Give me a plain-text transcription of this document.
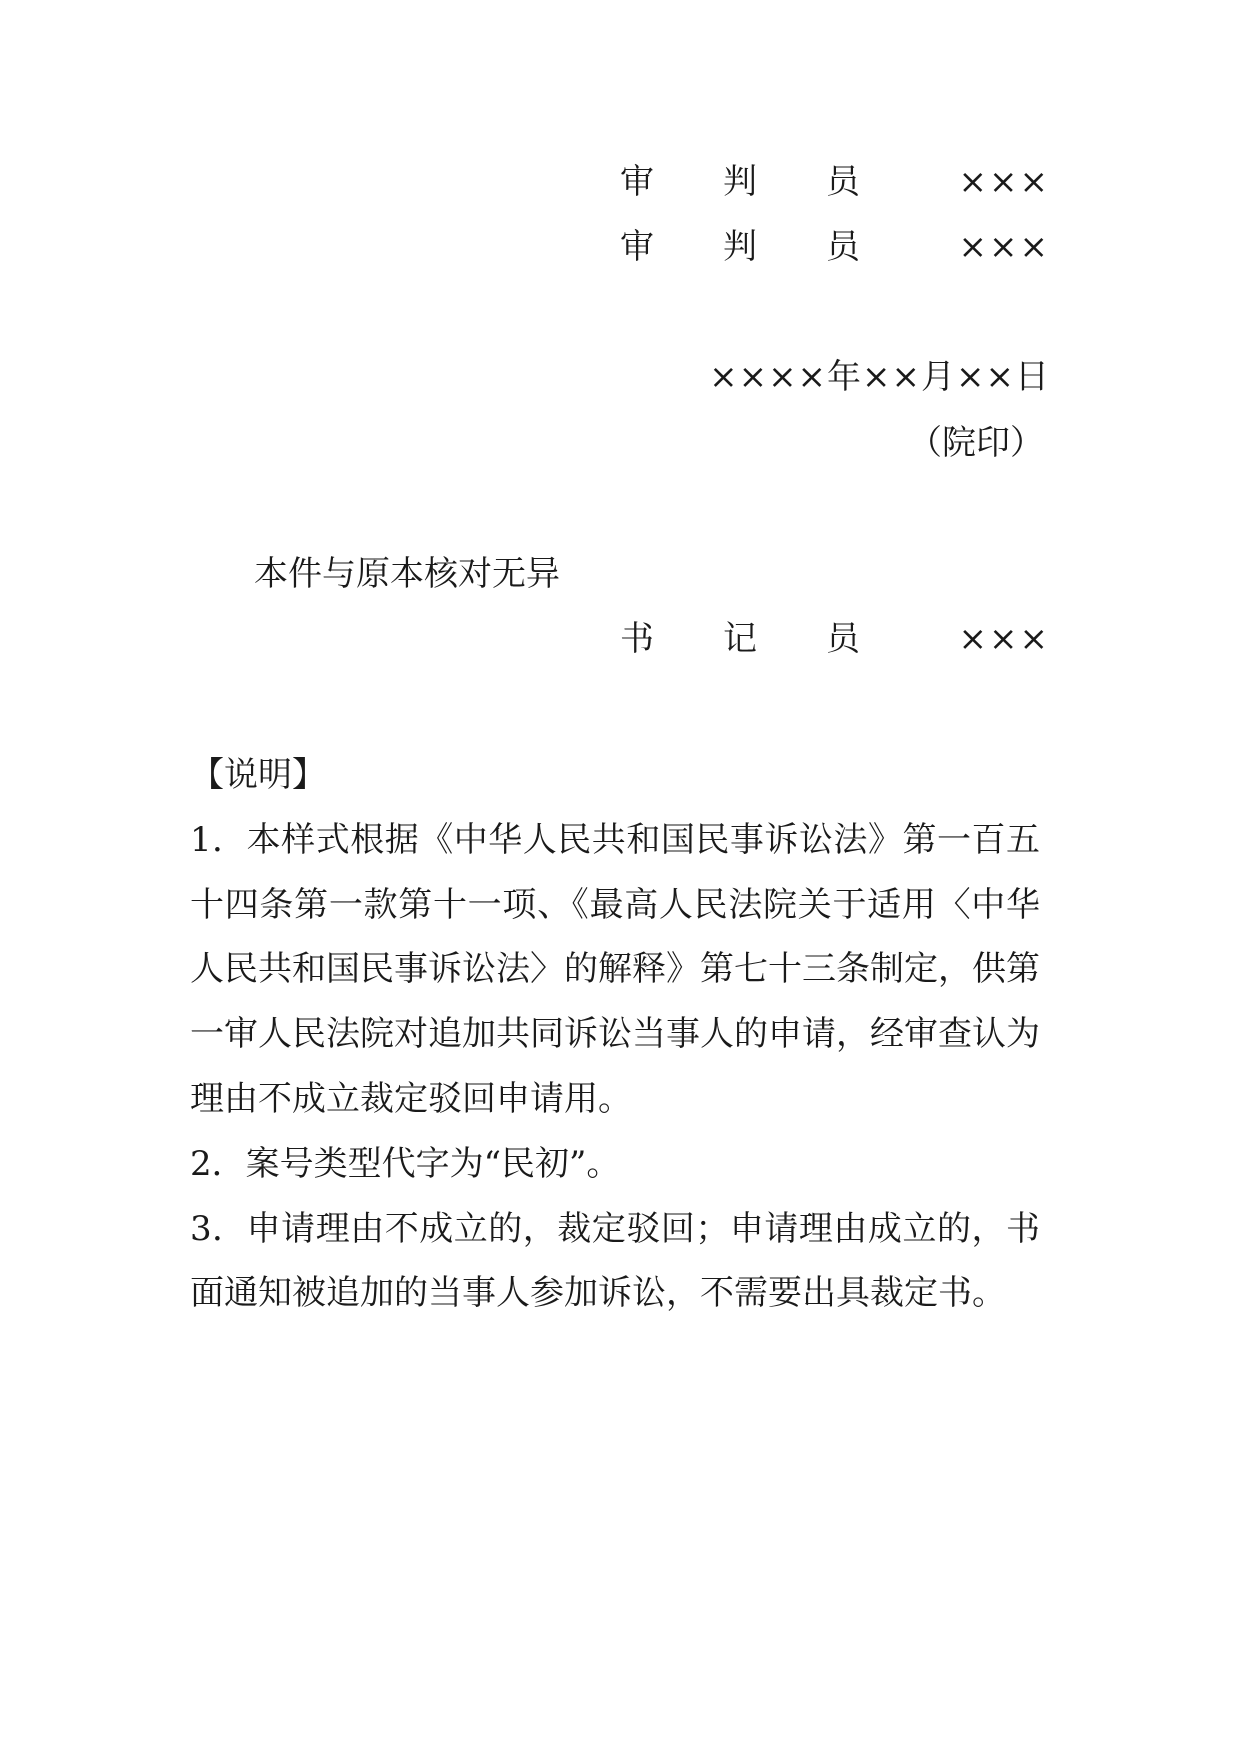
审 判 员	×××
审 判 员	×××
××××年××月××日
（院印）
本件与原本核对无异
书 记 员	×××

【说明】

1．本样式根据《中华人民共和国民事诉讼法》第一百五十四条第一款第十一项、《最高人民法院关于适用〈中华人民共和国民事诉讼法〉的解释》第七十三条制定，供第一审人民法院对追加共同诉讼当事人的申请，经审查认为理由不成立裁定驳回申请用。

2．案号类型代字为“民初”。

3．申请理由不成立的，裁定驳回；申请理由成立的，书面通知被追加的当事人参加诉讼，不需要出具裁定书。
